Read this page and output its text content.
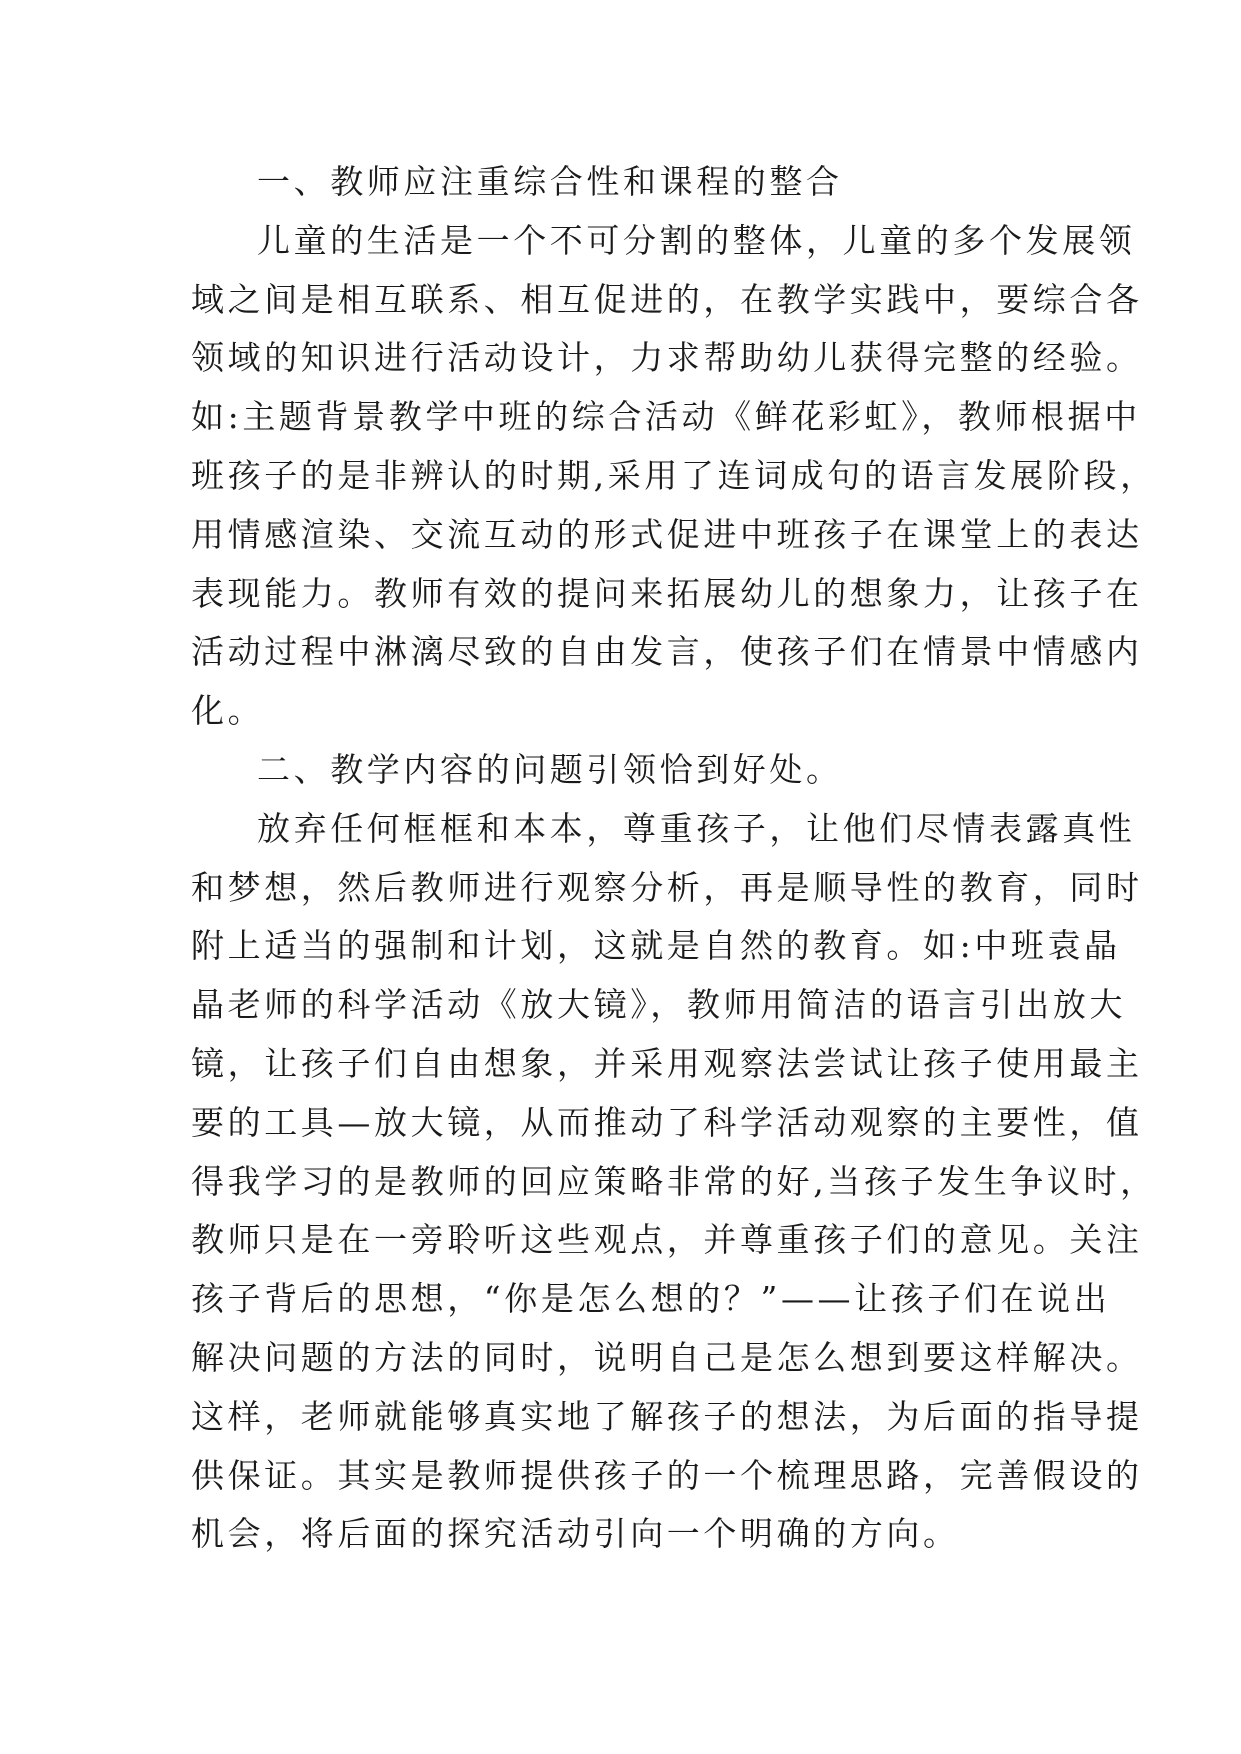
一、教师应注重综合性和课程的整合

儿童的生活是一个不可分割的整体，儿童的多个发展领

域之间是相互联系、相互促进的，在教学实践中，要综合各

领域的知识进行活动设计，力求帮助幼儿获得完整的经验。

如:主题背景教学中班的综合活动《鲜花彩虹》，教师根据中

班孩子的是非辨认的时期,采用了连词成句的语言发展阶段，

用情感渲染、交流互动的形式促进中班孩子在课堂上的表达

表现能力。教师有效的提问来拓展幼儿的想象力，让孩子在

活动过程中淋漓尽致的自由发言，使孩子们在情景中情感内

化。

二、教学内容的问题引领恰到好处。

放弃任何框框和本本，尊重孩子，让他们尽情表露真性

和梦想，然后教师进行观察分析，再是顺导性的教育，同时

附上适当的强制和计划，这就是自然的教育。如:中班袁晶

晶老师的科学活动《放大镜》，教师用简洁的语言引出放大

镜，让孩子们自由想象，并采用观察法尝试让孩子使用最主

要的工具—放大镜，从而推动了科学活动观察的主要性，值

得我学习的是教师的回应策略非常的好,当孩子发生争议时，

教师只是在一旁聆听这些观点，并尊重孩子们的意见。关注

孩子背后的思想，“你是怎么想的？”——让孩子们在说出

解决问题的方法的同时，说明自己是怎么想到要这样解决。

这样，老师就能够真实地了解孩子的想法，为后面的指导提

供保证。其实是教师提供孩子的一个梳理思路，完善假设的

机会，将后面的探究活动引向一个明确的方向。
